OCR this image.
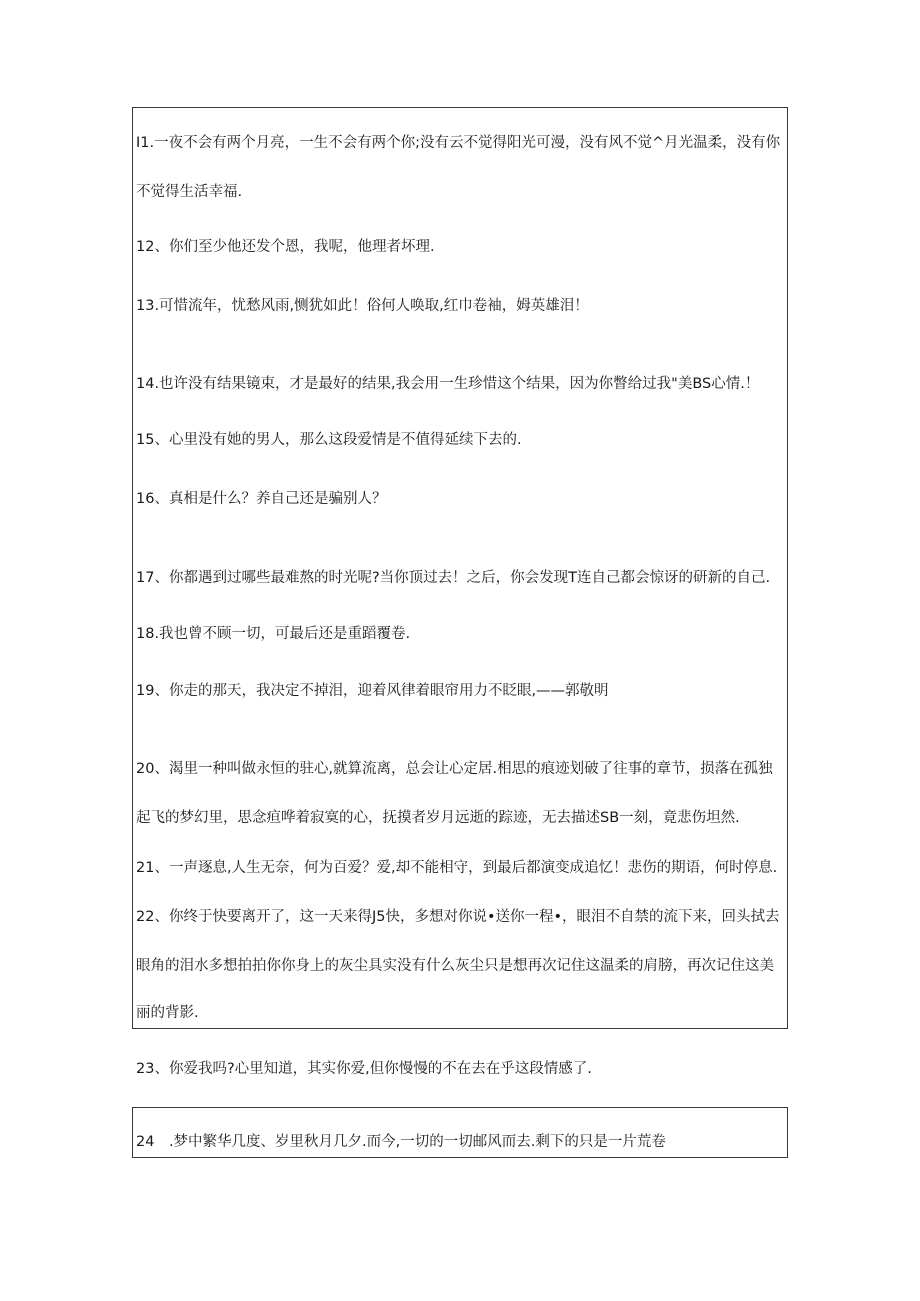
I1.一夜不会有两个月亮，一生不会有两个你;没有云不觉得阳光可漫，没有风不觉^月光温柔，没有你
不觉得生活幸福.
12、你们至少他还发个恩，我呢，他理者坏理.
13.可惜流年，忧愁风雨,恻犹如此！俗何人唤取,红巾卷袖，姆英雄泪！
14.也许没有结果镜束，才是最好的结果,我会用一生珍惜这个结果，因为你瞥给过我"美BS心情.！
15、心里没有她的男人，那么这段爱情是不值得延续下去的.
16、真相是什么？养自己还是骗别人？
17、你都遇到过哪些最难熬的时光呢?当你顶过去！之后，你会发现T连自己都会惊讶的研新的自己.
18.我也曾不顾一切，可最后还是重蹈覆卷.
19、你走的那天，我决定不掉泪，迎着风律着眼帘用力不眨眼,——郭敬明
20、渴里一种叫做永恒的驻心,就算流离，总会让心定居.相思的痕迹划破了往事的章节，损落在孤独
起飞的梦幻里，思念疸哗着寂寞的心，抚摸者岁月远逝的踪迹，无去描述SB一刻，竟悲伤坦然.
21、一声逐息,人生无奈，何为百爱？爱,却不能相守，到最后都演变成追忆！悲伤的期语，何时停息.
22、你终于快要离开了，这一天来得J5快，多想对你说•送你一程•，眼泪不自禁的流下来，回头拭去
眼角的泪水多想拍拍你你身上的灰尘具实没有什么灰尘只是想再次记住这温柔的肩膀，再次记住这美
丽的背影.
23、你爱我吗?心里知道，其实你爱,但你慢慢的不在去在乎这段情感了.
24　.梦中繁华几度、岁里秋月几夕.而今,一切的一切邮风而去.剩下的只是一片荒卷
